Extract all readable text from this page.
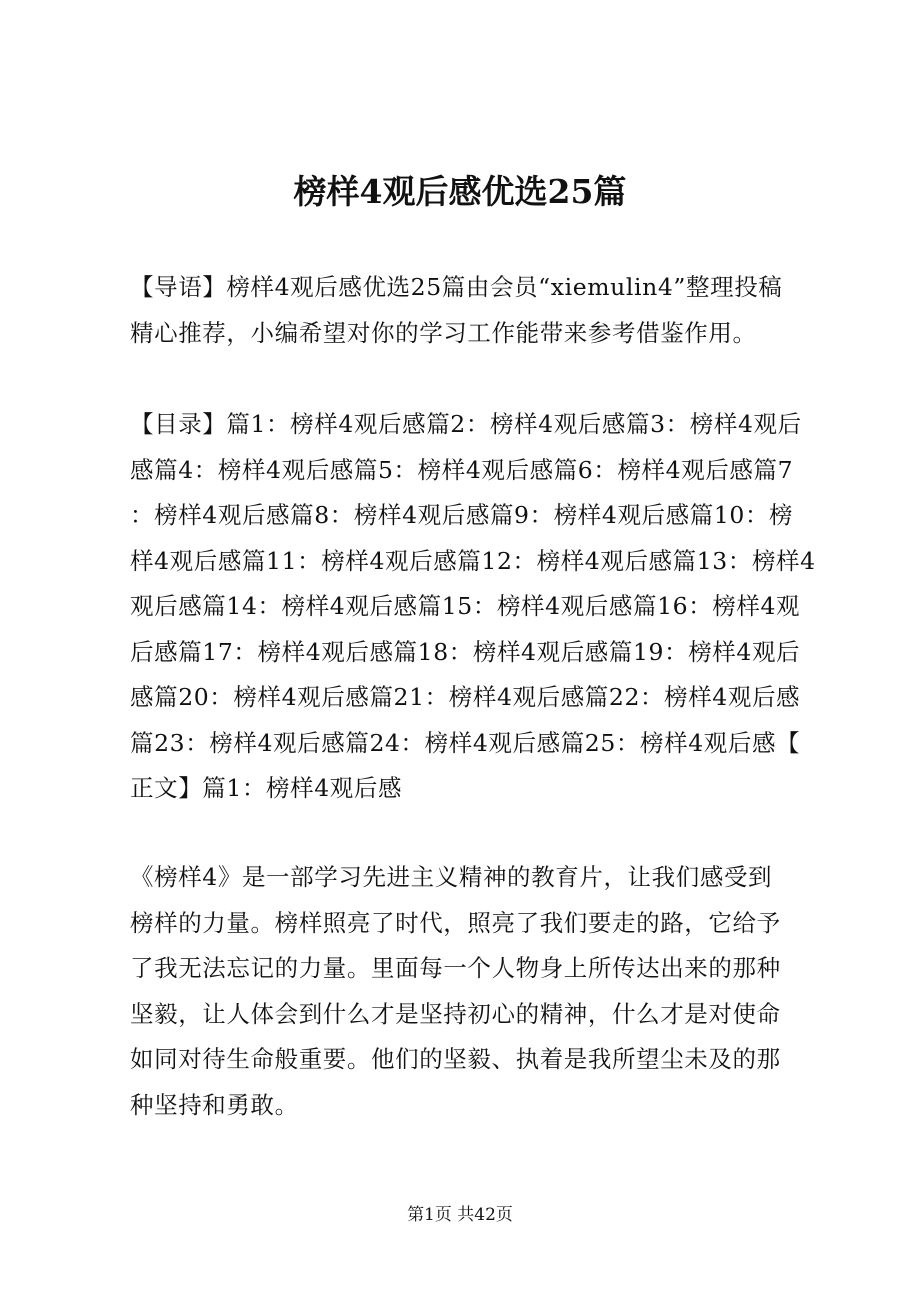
榜样4观后感优选25篇
【导语】榜样4观后感优选25篇由会员“xiemulin4”整理投稿
精心推荐，小编希望对你的学习工作能带来参考借鉴作用。
【目录】篇1：榜样4观后感篇2：榜样4观后感篇3：榜样4观后
感篇4：榜样4观后感篇5：榜样4观后感篇6：榜样4观后感篇7
：榜样4观后感篇8：榜样4观后感篇9：榜样4观后感篇10：榜
样4观后感篇11：榜样4观后感篇12：榜样4观后感篇13：榜样4
观后感篇14：榜样4观后感篇15：榜样4观后感篇16：榜样4观
后感篇17：榜样4观后感篇18：榜样4观后感篇19：榜样4观后
感篇20：榜样4观后感篇21：榜样4观后感篇22：榜样4观后感
篇23：榜样4观后感篇24：榜样4观后感篇25：榜样4观后感【
正文】篇1：榜样4观后感
《榜样4》是一部学习先进主义精神的教育片，让我们感受到
榜样的力量。榜样照亮了时代，照亮了我们要走的路，它给予
了我无法忘记的力量。里面每一个人物身上所传达出来的那种
坚毅，让人体会到什么才是坚持初心的精神，什么才是对使命
如同对待生命般重要。他们的坚毅、执着是我所望尘未及的那
种坚持和勇敢。
第1页 共42页
